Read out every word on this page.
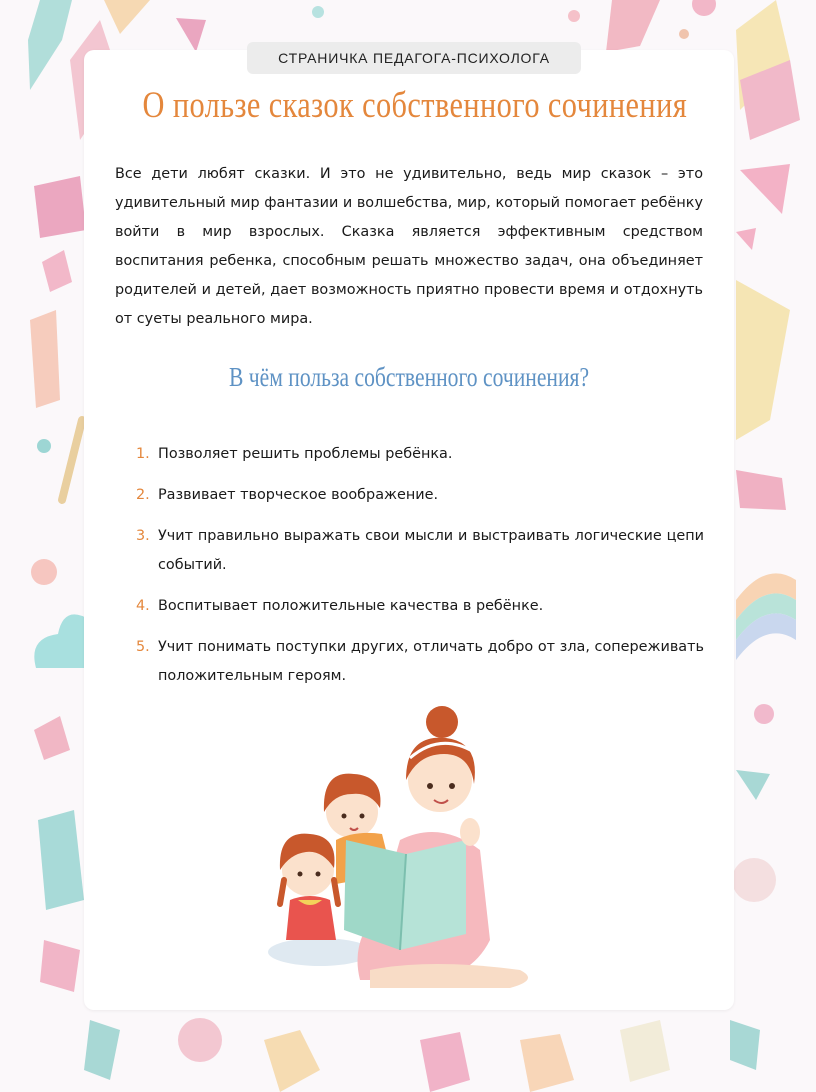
СТРАНИЧКА ПЕДАГОГА-ПСИХОЛОГА
О пользе сказок собственного сочинения

Все дети любят сказки. И это не удивительно, ведь мир сказок – это удивительный мир фантазии и волшебства, мир, который помогает ребёнку войти в мир взрослых. Сказка является эффективным средством воспитания ребенка, способным решать множество задач, она объединяет родителей и детей, дает возможность приятно провести время и отдохнуть от суеты реального мира.

В чём польза собственного сочинения?
1. Позволяет решить проблемы ребёнка.
2. Развивает творческое воображение.
3. Учит правильно выражать свои мысли и выстраивать логические цепи событий.
4. Воспитывает положительные качества в ребёнке.
5. Учит понимать поступки других, отличать добро от зла, сопереживать положительным героям.
